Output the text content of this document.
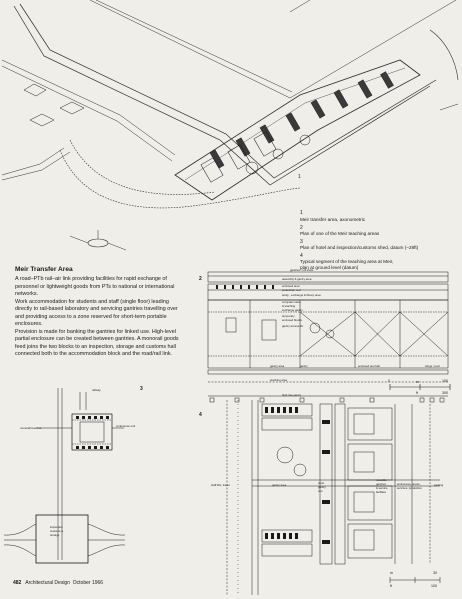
1
2
3
4
1
Meir transfer area, axonometric
2
Plan of one of the Meir teaching areas
3
Plan of hotel and inspection/customs shed, datum (–28ft)
4
Typical segment of the teaching area at Meir,
plan at ground level (datum)
Meir Transfer Area

A road–PTb rail–air link providing facilities for rapid exchange of personnel or lightweight goods from PTs to national or international networks.

Work accommodation for students and staff (single floor) leading directly to rail-based laboratory and servicing gantries travelling over and providing access to a zone reserved for short-term portable enclosures.

Provision is made for banking the gantries for linked use. High-level partial enclosure can be created between gantries. A monorail goods feed joins the two blocks to an inspection, storage and customs hall connected both to the accommodation block and the road/rail link.

gantries / roll shels
assembly & gantry area
enclosed area
pedestrian roof
study , exchange & library area
computer store
& teaching
exchange gantry
temporary
enclosed blocks
gantry access lift
enclosed test hall
gantry
gantry area	wings / pool
teaching area
high rise gantry
0	m	100
ft	300
railway
monorail feedline	conference unit
inspection
customs &
storage
staff lifts, travel	gantry area	short
gantry
slot
movable
gantries
& service
facilities
enclosures, stores,
services, production
parking
m	30
ft	100
482 Architectural Design October 1966
